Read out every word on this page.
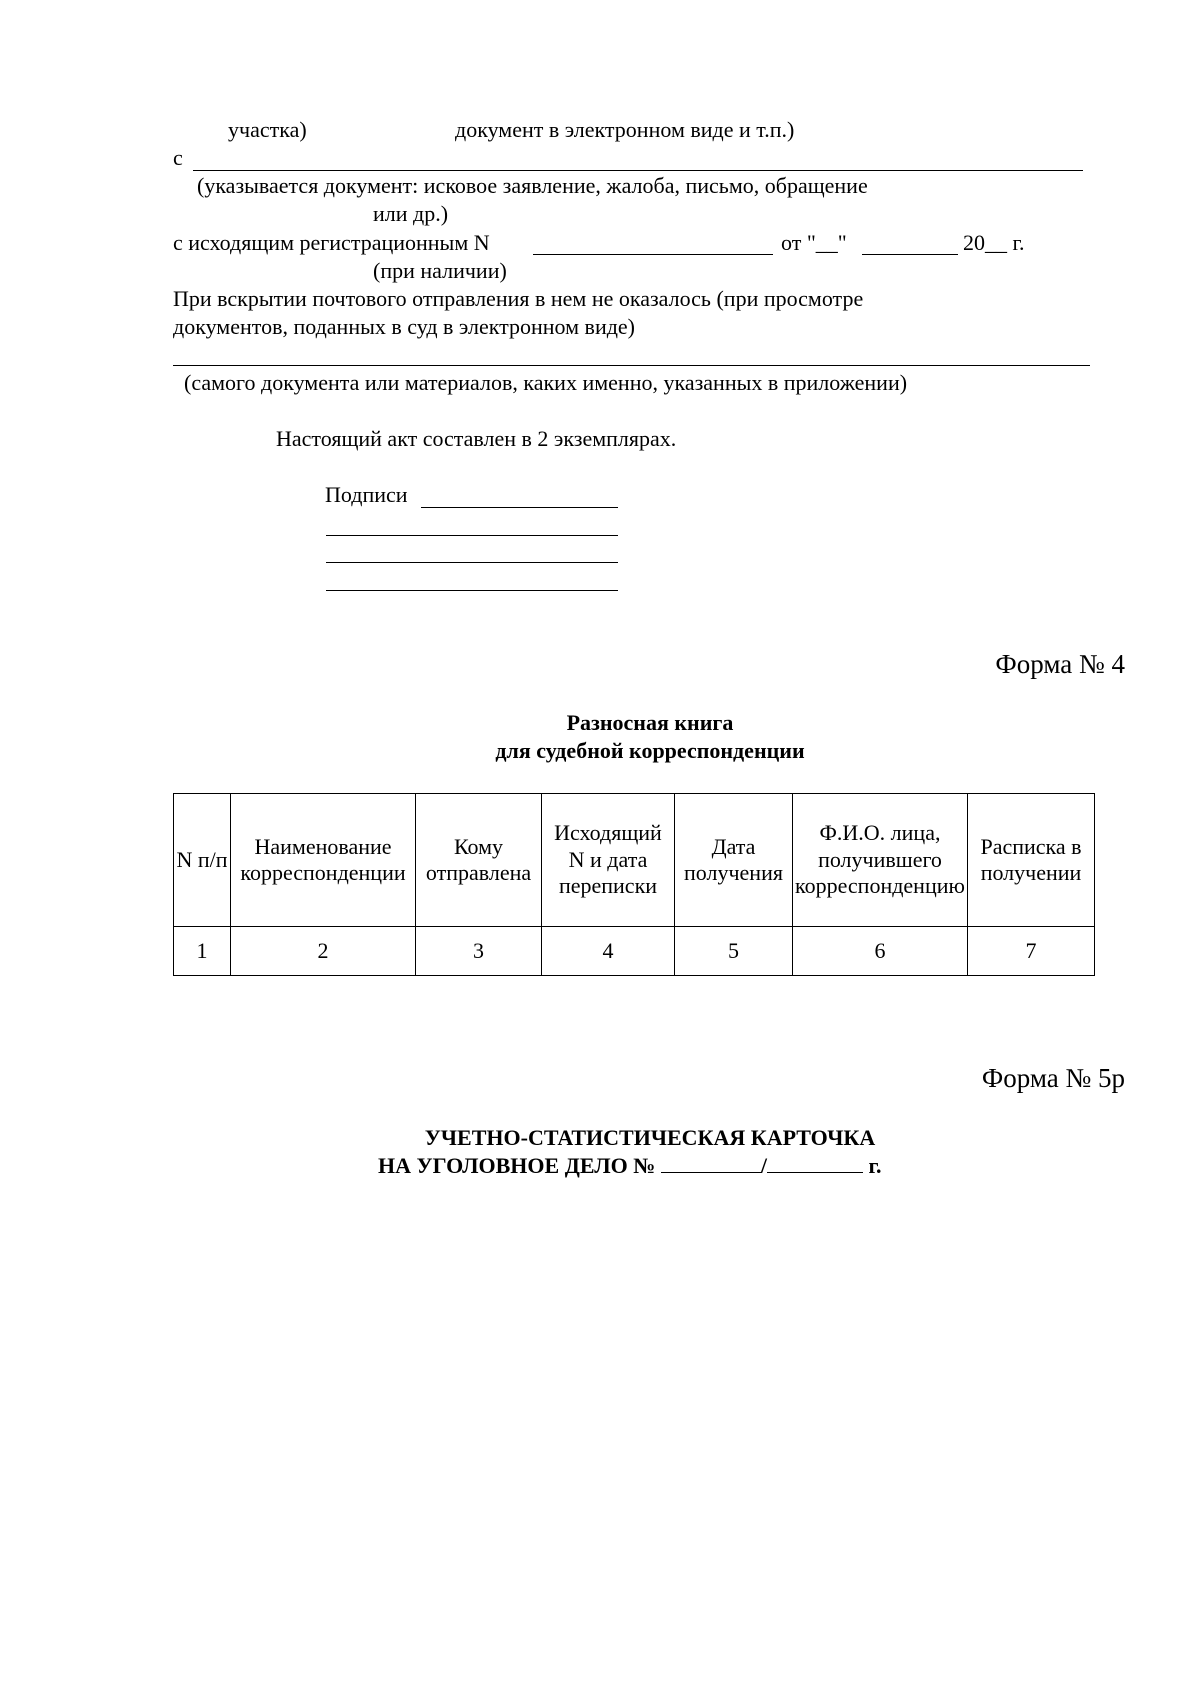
участка)	документ в электронном виде и т.п.)
с
(указывается документ: исковое заявление, жалоба, письмо, обращение
или др.)
с исходящим регистрационным N	от "__"	20__ г.
(при наличии)
При вскрытии почтового отправления в нем не оказалось (при просмотре
документов, поданных в суд в электронном виде)
(самого документа или материалов, каких именно, указанных в приложении)
Настоящий акт составлен в 2 экземплярах.
Подписи
Форма № 4
Разносная книга
для судебной корреспонденции
N п/п	Наименование корреспонденции	Кому отправлена	Исходящий N и дата переписки	Дата получения	Ф.И.О. лица, получившего корреспонденцию	Расписка в получении
1	2	3	4	5	6	7
Форма № 5р
УЧЕТНО-СТАТИСТИЧЕСКАЯ КАРТОЧКА
НА УГОЛОВНОЕ ДЕЛО №	/	г.
